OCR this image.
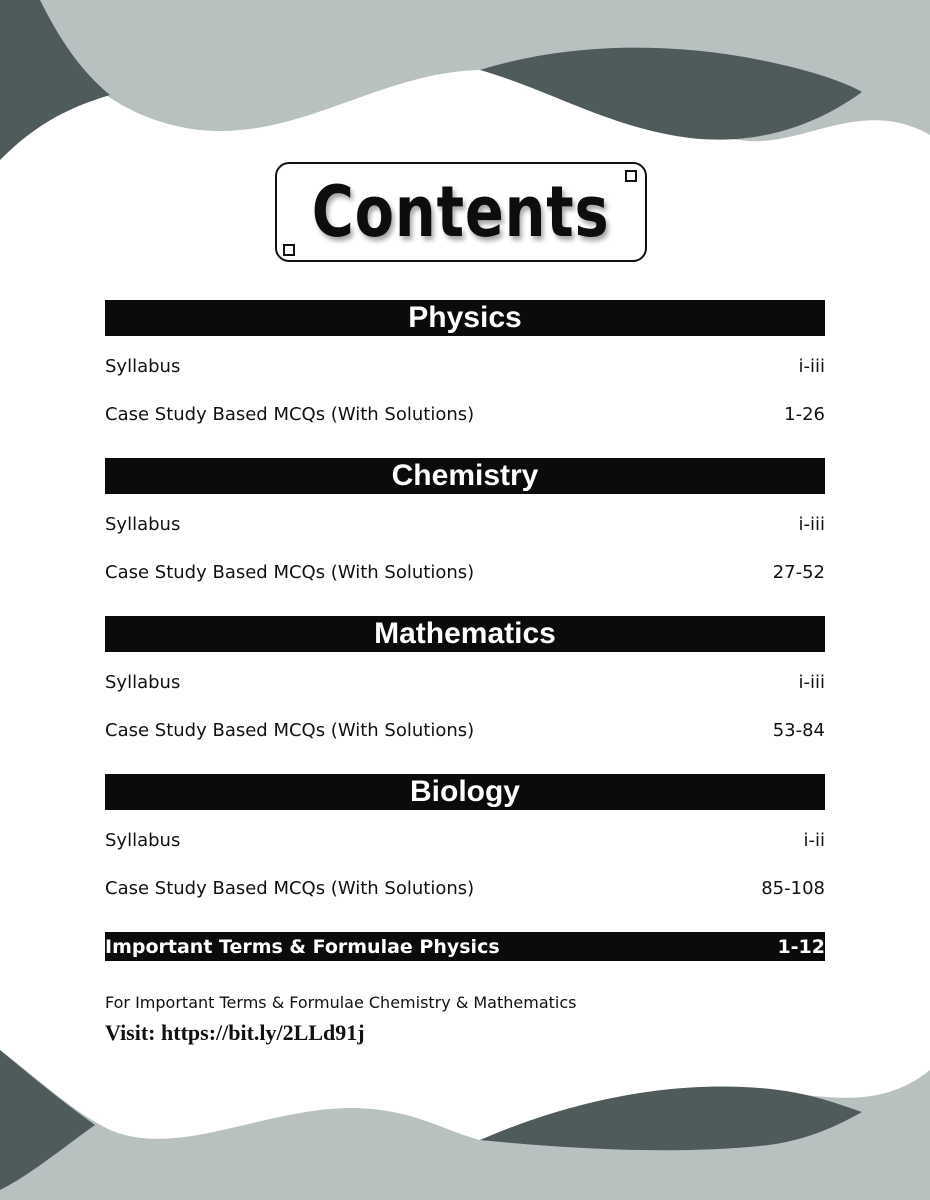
Contents
Physics
Syllabus	i-iii
Case Study Based MCQs (With Solutions)	1-26
Chemistry
Syllabus	i-iii
Case Study Based MCQs (With Solutions)	27-52
Mathematics
Syllabus	i-iii
Case Study Based MCQs (With Solutions)	53-84
Biology
Syllabus	i-ii
Case Study Based MCQs (With Solutions)	85-108
Important Terms & Formulae Physics	1-12
For Important Terms & Formulae Chemistry & Mathematics
Visit: https://bit.ly/2LLd91j
